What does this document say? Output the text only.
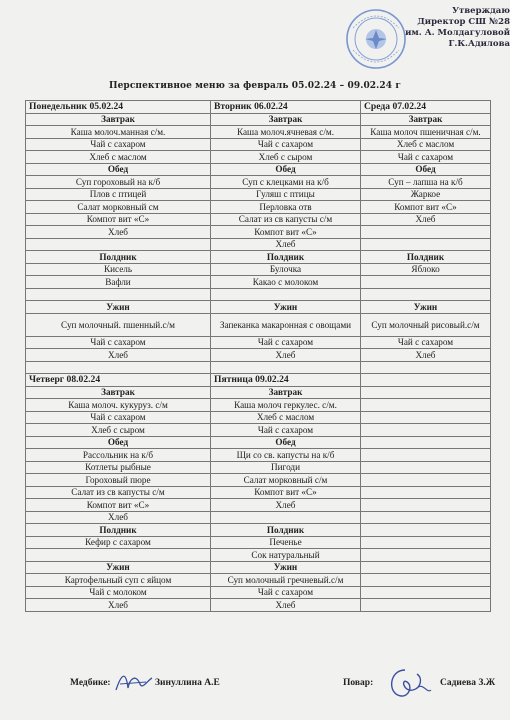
Утверждаю
Директор СШ №28
им. А. Молдагуловой
Г.К.Адилова
Перспективное меню за февраль 05.02.24 – 09.02.24 г
Понедельник 05.02.24	Вторник 06.02.24	Среда 07.02.24
Завтрак	Завтрак	Завтрак
Каша молоч.манная с/м.	Каша молоч.ячневая с/м.	Каша молоч пшеничная с/м.
Чай с сахаром	Чай с сахаром	Хлеб с маслом
Хлеб с маслом	Хлеб с сыром	Чай с сахаром
Обед	Обед	Обед
Суп гороховый на к/б	Суп с клецками на к/б	Суп – лапша на к/б
Плов с птицей	Гуляш с птицы	Жаркое
Салат морковный см	Перловка отв	Компот вит «С»
Компот вит «С»	Салат из св капусты с/м	Хлеб
Хлеб	Компот вит «С»	
	Хлеб	
Полдник	Полдник	Полдник
Кисель	Булочка	Яблоко
Вафли	Какао с молоком	

Ужин	Ужин	Ужин
Суп молочный. пшенный.с/м	Запеканка макаронная с овощами	Суп молочный рисовый.с/м
Чай с сахаром	Чай с сахаром	Чай с сахаром
Хлеб	Хлеб	Хлеб

Четверг 08.02.24	Пятница 09.02.24	
Завтрак	Завтрак	
Каша молоч. кукуруз. с/м	Каша молоч геркулес. с/м.	
Чай с сахаром	Хлеб с маслом	
Хлеб с сыром	Чай с сахаром	
Обед	Обед	
Рассольник на к/б	Щи со св. капусты на к/б	
Котлеты рыбные	Пигоди	
Гороховый пюре	Салат морковный с/м	
Салат из св капусты с/м	Компот вит «С»	
Компот вит «С»	Хлеб	
Хлеб		
Полдник	Полдник	
Кефир с сахаром	Печенье	
	Сок натуральный	
Ужин	Ужин	
Картофельный суп с яйцом	Суп молочный гречневый.с/м	
Чай с молоком	Чай с сахаром	
Хлеб	Хлеб	
Медбике:	Зинуллина А.Е	Повар:	Садиева З.Ж
